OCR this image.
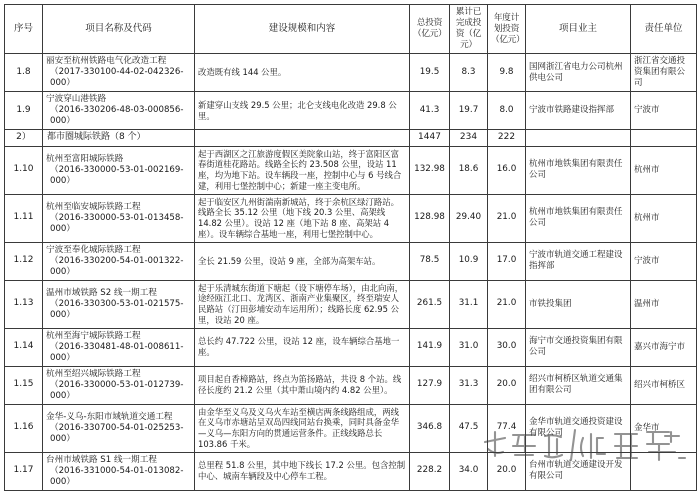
序号	项目名称及代码	建设规模和内容	总投资（亿元）	累计已完成投资（亿元）	年度计划投资（亿元）	项目业主	责任单位
1.8	丽安至杭州铁路电气化改造工程
（2017-330100-44-02-042326-000）	改造既有线 144 公里。	19.5	8.3	9.8	国网浙江省电力公司杭州供电公司	浙江省交通投资集团有限公司
1.9	宁波穿山港铁路
（2016-330206-48-03-000856-000）	新建穿山支线 29.5 公里；北仑支线电化改造 29.8 公里。	41.3	19.7	8.0	宁波市铁路建设指挥部	宁波市
2）	都市圈城际铁路（8 个）		1447	234	222		
1.10	杭州至富阳城际铁路
（2016-330000-53-01-002169-000）	起于西湖区之江旅游度假区美院象山站，终于富阳区富春街道桂花路站。线路全长约 23.508 公里，设站 11 座，均为地下站。设车辆段一座，控制中心与 6 号线合建，利用七堡控制中心；新建一座主变电所。	132.98	18.6	16.0	杭州市地铁集团有限责任公司	杭州市
1.11	杭州至临安城际铁路工程
（2016-330000-53-01-013458-000）	起于临安区九州街湍南新城站，终于余杭区绿汀路站。线路全长 35.12 公里（地下线 20.3 公里、高架线 14.82 公里）。设站 12 座（地下站 8 座、高架站 4 座）。设车辆综合基地一座，利用七堡控制中心。	128.98	29.40	21.0	杭州市地铁集团有限责任公司	杭州市
1.12	宁波至奉化城际铁路工程
（2016-330200-54-01-001322-000）	全长 21.59 公里，设站 9 座，全部为高架车站。	78.5	10.9	17.0	宁波市轨道交通工程建设指挥部	宁波市
1.13	温州市域铁路 S2 线一期工程
（2016-330300-53-01-021575-000）	起于乐清城东街道下塘起（设下塘停车场），由北向南，途经瓯江北口、龙湾区、浙南产业集聚区，终至瑞安人民路站（汀田彭埔安动车运用所）；线路长度 62.95 公里，设站 20 座。	261.5	31.1	21.0	市铁投集团	温州市
1.14	杭州至海宁城际铁路工程
（2016-330481-48-01-008611-000）	总长约 47.722 公里，设站 12 座，设车辆综合基地一座。	141.9	31.0	30.0	海宁市交通投资集团有限公司	嘉兴市海宁市
1.15	杭州至绍兴城际铁路工程
（2016-330000-53-01-012739-000）	项目起自香樟路站，终点为笛扬路站，共设 8 个站。线径长度约 21.2 公里（其中萧山境内约 4.82 公里）。	127.9	31.3	20.0	绍兴市柯桥区轨道交通集团有限公司	绍兴市柯桥区
1.16	金华-义乌-东阳市域轨道交通工程
（2016-330700-54-01-025253-000）	由金华至义乌及义乌火车站至横店两条线路组成，两线在义乌市赤塘站呈双岛四线同站台换乘，同时具备金华—义乌—东阳方向的贯通运营条件。正线线路总长 103.86 千米。	346.8	47.5	77.4	金华市轨道交通投资建设有限公司	金华市
1.17	台州市域铁路 S1 线一期工程
（2016-331000-54-01-013082-000）	总里程 51.8 公里，其中地下线长 17.2 公里。包含控制中心、城南车辆段及中心停车工程。	228.2	34.0	20.0	台州市轨道交通建设开发有限公司	
